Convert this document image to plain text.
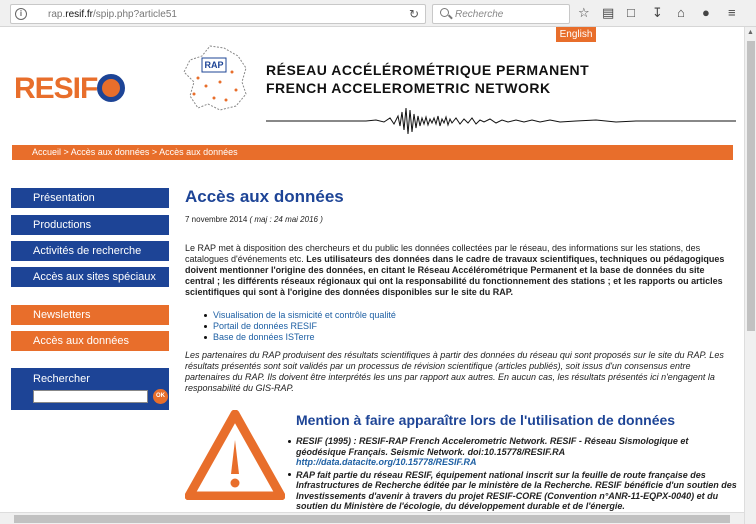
i	rap.resif.fr/spip.php?article51	↻	Recherche	☆ ▤ □ ↧ ⌂ ● ≡
▲
English
RESIF
RAP	RÉSEAU ACCÉLÉROMÉTRIQUE PERMANENT
FRENCH ACCELEROMETRIC NETWORK
Accueil > Accès aux données > Accès aux données
Présentation
Productions
Activités de recherche
Accès aux sites spéciaux
Newsletters
Accès aux données
Rechercher
OK
Accès aux données
7 novembre 2014 ( maj : 24 mai 2016 )
Le RAP met à disposition des chercheurs et du public les données collectées par le réseau, des informations sur les stations, des catalogues d'événements etc. Les utilisateurs des données dans le cadre de travaux scientifiques, techniques ou pédagogiques doivent mentionner l'origine des données, en citant le Réseau Accélérométrique Permanent et la base de données du site central ; les différents réseaux régionaux qui ont la responsabilité du fonctionnement des stations ; et les rapports ou articles scientifiques qui sont à l'origine des données disponibles sur le site du RAP.
Visualisation de la sismicité et contrôle qualité
Portail de données RESIF
Base de données ISTerre
Les partenaires du RAP produisent des résultats scientifiques à partir des données du réseau qui sont proposés sur le site du RAP. Les résultats présentés sont soit validés par un processus de révision scientifique (articles publiés), soit issus d'un consensus entre partenaires du RAP. Ils doivent être interprétés les uns par rapport aux autres. En aucun cas, les résultats présentés ici n'engagent la responsabilité du GIS-RAP.
Mention à faire apparaître lors de l'utilisation de données
RESIF (1995) : RESIF-RAP French Accelerometric Network. RESIF - Réseau Sismologique et géodésique Français. Seismic Network. doi:10.15778/RESIF.RA http://data.datacite.org/10.15778/RESIF.RA
RAP fait partie du réseau RESIF, équipement national inscrit sur la feuille de route française des Infrastructures de Recherche éditée par le ministère de la Recherche. RESIF bénéficie d'un soutien des Investissements d'avenir à travers du projet RESIF-CORE (Convention n°ANR-11-EQPX-0040) et du soutien du Ministère de l'écologie, du développement durable et de l'énergie.
